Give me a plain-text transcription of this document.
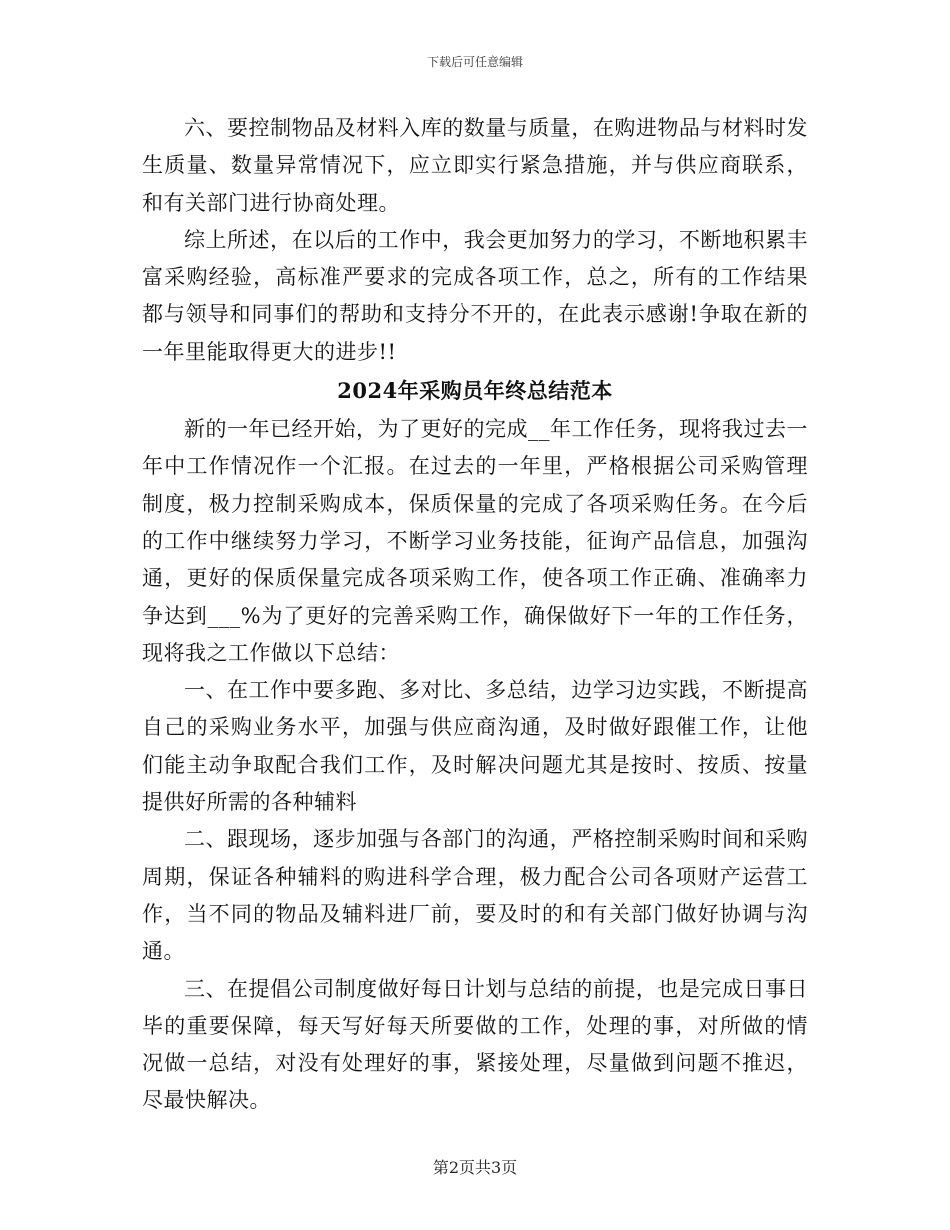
下载后可任意编辑

六、要控制物品及材料入库的数量与质量，在购进物品与材料时发生质量、数量异常情况下，应立即实行紧急措施，并与供应商联系，和有关部门进行协商处理。

综上所述，在以后的工作中，我会更加努力的学习，不断地积累丰富采购经验，高标准严要求的完成各项工作，总之，所有的工作结果都与领导和同事们的帮助和支持分不开的，在此表示感谢!争取在新的一年里能取得更大的进步!!

2024年采购员年终总结范本

新的一年已经开始，为了更好的完成__年工作任务，现将我过去一年中工作情况作一个汇报。在过去的一年里，严格根据公司采购管理制度，极力控制采购成本，保质保量的完成了各项采购任务。在今后的工作中继续努力学习，不断学习业务技能，征询产品信息，加强沟通，更好的保质保量完成各项采购工作，使各项工作正确、准确率力争达到___%为了更好的完善采购工作，确保做好下一年的工作任务，现将我之工作做以下总结：

一、在工作中要多跑、多对比、多总结，边学习边实践，不断提高自己的采购业务水平，加强与供应商沟通，及时做好跟催工作，让他们能主动争取配合我们工作，及时解决问题尤其是按时、按质、按量提供好所需的各种辅料

二、跟现场，逐步加强与各部门的沟通，严格控制采购时间和采购周期，保证各种辅料的购进科学合理，极力配合公司各项财产运营工作，当不同的物品及辅料进厂前，要及时的和有关部门做好协调与沟通。

三、在提倡公司制度做好每日计划与总结的前提，也是完成日事日毕的重要保障，每天写好每天所要做的工作，处理的事，对所做的情况做一总结，对没有处理好的事，紧接处理，尽量做到问题不推迟，尽最快解决。

第2页共3页
